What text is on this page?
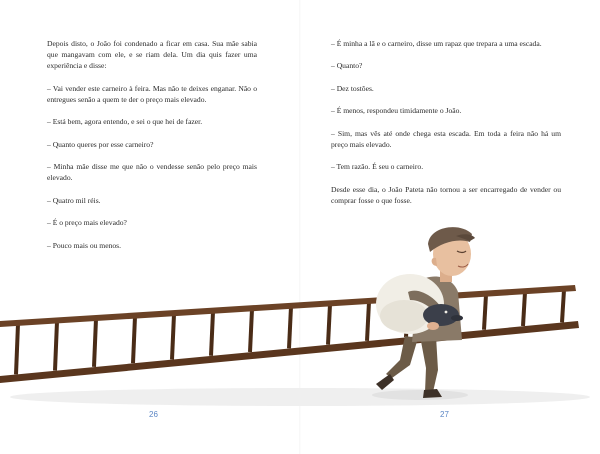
Depois disto, o João foi condenado a ficar em casa. Sua mãe sabia que mangavam com ele, e se riam dela. Um dia quis fazer uma experiência e disse:

– Vai vender este carneiro à feira. Mas não te deixes enganar. Não o entregues senão a quem te der o preço mais elevado.

– Está bem, agora entendo, e sei o que hei de fazer.

– Quanto queres por esse carneiro?

– Minha mãe disse me que não o vendesse senão pelo preço mais elevado.

– Quatro mil réis.

– É o preço mais elevado?

– Pouco mais ou menos.

– É minha a lã e o carneiro, disse um rapaz que trepara a uma escada.

– Quanto?

– Dez tostões.

– É menos, respondeu timidamente o João.

– Sim, mas vês até onde chega esta escada. Em toda a feira não há um preço mais elevado.

– Tem razão. É seu o carneiro.

Desde esse dia, o João Pateta não tornou a ser encarregado de vender ou comprar fosse o que fosse.

26	27
